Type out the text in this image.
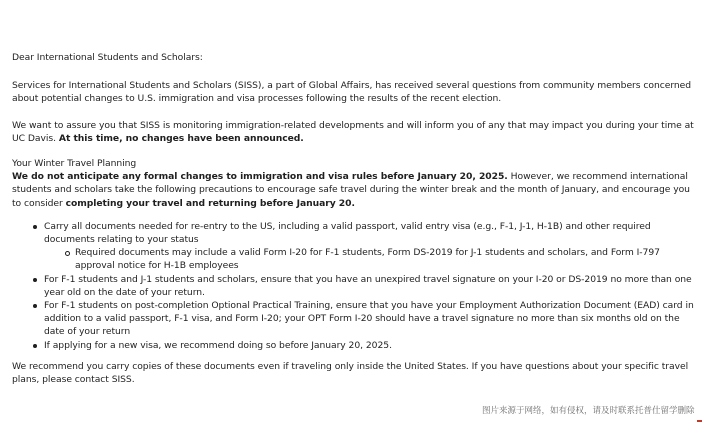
Dear International Students and Scholars:

Services for International Students and Scholars (SISS), a part of Global Affairs, has received several questions from community members concerned about potential changes to U.S. immigration and visa processes following the results of the recent election.

We want to assure you that SISS is monitoring immigration-related developments and will inform you of any that may impact you during your time at UC Davis. At this time, no changes have been announced.

Your Winter Travel Planning

We do not anticipate any formal changes to immigration and visa rules before January 20, 2025. However, we recommend international students and scholars take the following precautions to encourage safe travel during the winter break and the month of January, and encourage you to consider completing your travel and returning before January 20.

Carry all documents needed for re-entry to the US, including a valid passport, valid entry visa (e.g., F-1, J-1, H-1B) and other required documents relating to your status
Required documents may include a valid Form I-20 for F-1 students, Form DS-2019 for J-1 students and scholars, and Form I-797 approval notice for H-1B employees
For F-1 students and J-1 students and scholars, ensure that you have an unexpired travel signature on your I-20 or DS-2019 no more than one year old on the date of your return.
For F-1 students on post-completion Optional Practical Training, ensure that you have your Employment Authorization Document (EAD) card in addition to a valid passport, F-1 visa, and Form I-20; your OPT Form I-20 should have a travel signature no more than six months old on the date of your return
If applying for a new visa, we recommend doing so before January 20, 2025.

We recommend you carry copies of these documents even if traveling only inside the United States. If you have questions about your specific travel plans, please contact SISS.

图片来源于网络，如有侵权，请及时联系托普仕留学删除
